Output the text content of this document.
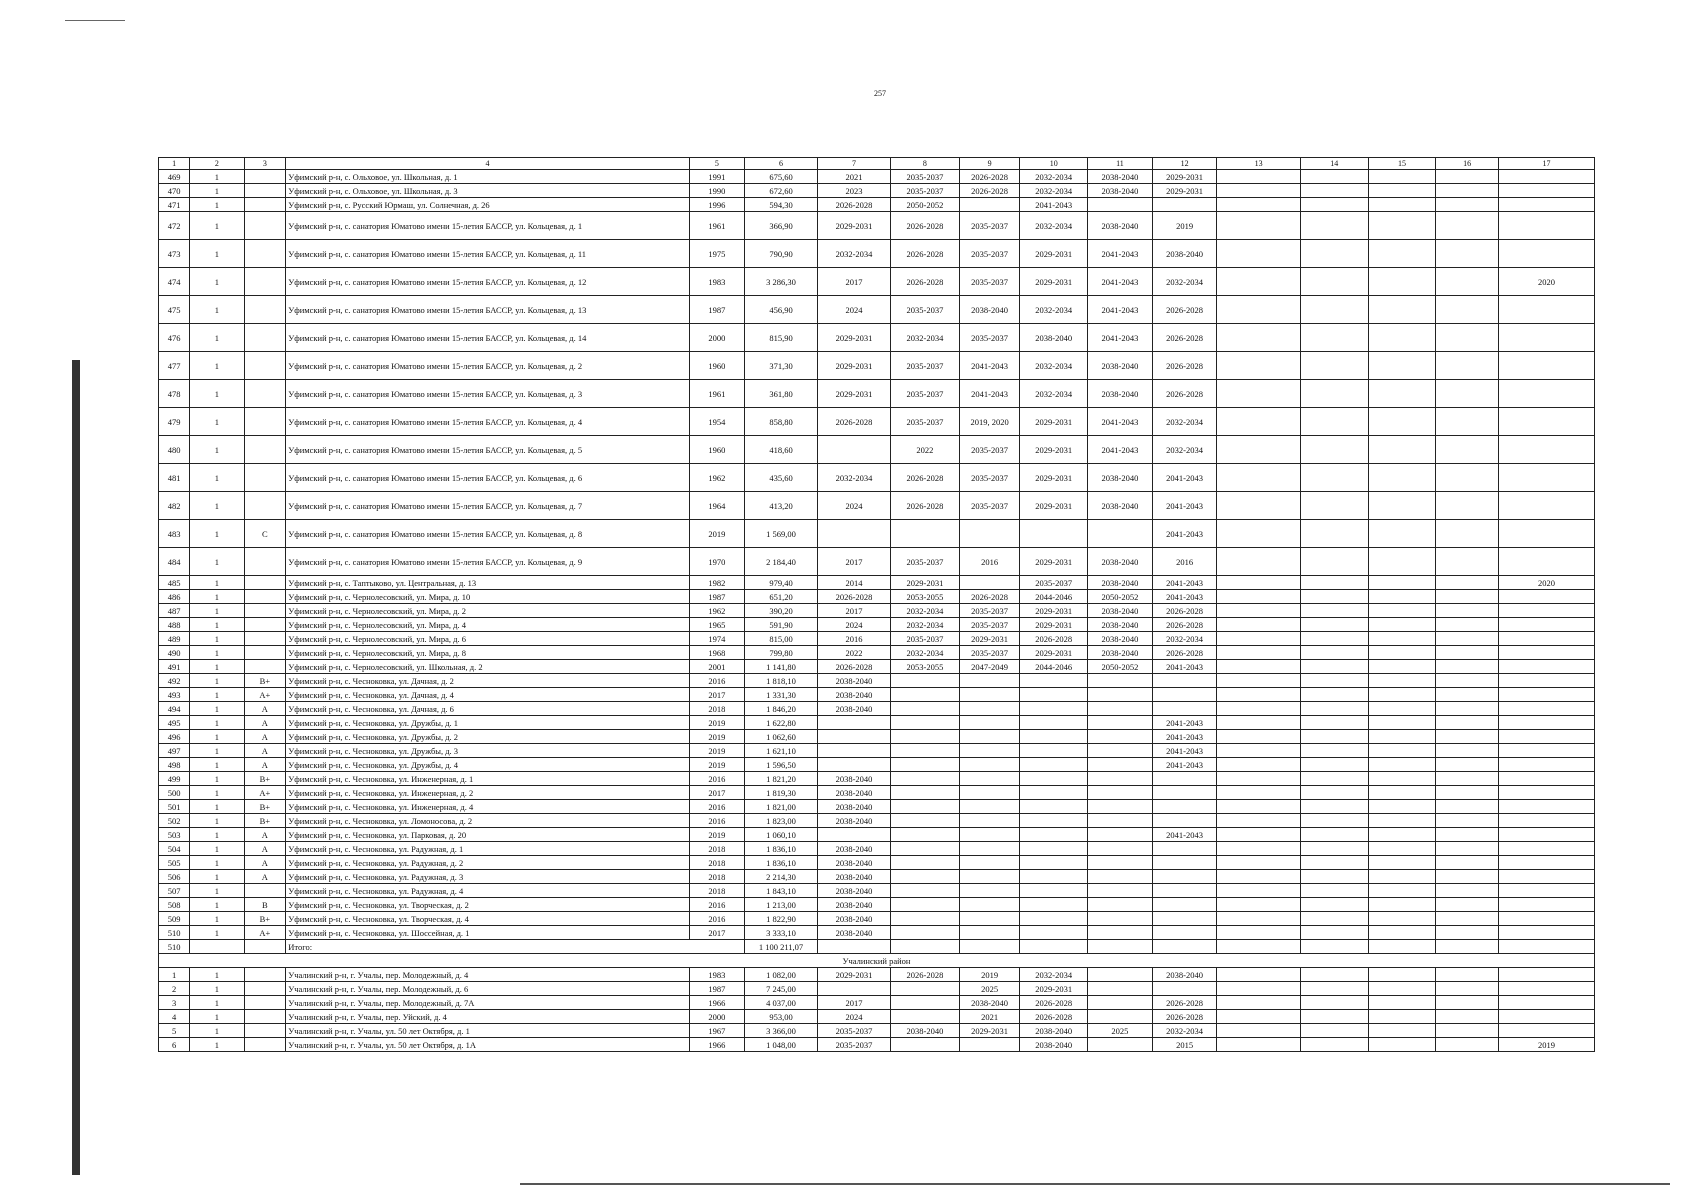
257
1	2	3	4	5	6	7	8	9	10	11	12	13	14	15	16	17
469	1		Уфимский р-н, с. Ольховое, ул. Школьная, д. 1	1991	675,60	2021	2035-2037	2026-2028	2032-2034	2038-2040	2029-2031					
470	1		Уфимский р-н, с. Ольховое, ул. Школьная, д. 3	1990	672,60	2023	2035-2037	2026-2028	2032-2034	2038-2040	2029-2031					
471	1		Уфимский р-н, с. Русский Юрмаш, ул. Солнечная, д. 26	1996	594,30	2026-2028	2050-2052		2041-2043							
472	1		Уфимский р-н, с. санатория Юматово имени 15-летия БАССР, ул. Кольцевая, д. 1	1961	366,90	2029-2031	2026-2028	2035-2037	2032-2034	2038-2040	2019					
473	1		Уфимский р-н, с. санатория Юматово имени 15-летия БАССР, ул. Кольцевая, д. 11	1975	790,90	2032-2034	2026-2028	2035-2037	2029-2031	2041-2043	2038-2040					
474	1		Уфимский р-н, с. санатория Юматово имени 15-летия БАССР, ул. Кольцевая, д. 12	1983	3 286,30	2017	2026-2028	2035-2037	2029-2031	2041-2043	2032-2034					2020
475	1		Уфимский р-н, с. санатория Юматово имени 15-летия БАССР, ул. Кольцевая, д. 13	1987	456,90	2024	2035-2037	2038-2040	2032-2034	2041-2043	2026-2028					
476	1		Уфимский р-н, с. санатория Юматово имени 15-летия БАССР, ул. Кольцевая, д. 14	2000	815,90	2029-2031	2032-2034	2035-2037	2038-2040	2041-2043	2026-2028					
477	1		Уфимский р-н, с. санатория Юматово имени 15-летия БАССР, ул. Кольцевая, д. 2	1960	371,30	2029-2031	2035-2037	2041-2043	2032-2034	2038-2040	2026-2028					
478	1		Уфимский р-н, с. санатория Юматово имени 15-летия БАССР, ул. Кольцевая, д. 3	1961	361,80	2029-2031	2035-2037	2041-2043	2032-2034	2038-2040	2026-2028					
479	1		Уфимский р-н, с. санатория Юматово имени 15-летия БАССР, ул. Кольцевая, д. 4	1954	858,80	2026-2028	2035-2037	2019, 2020	2029-2031	2041-2043	2032-2034					
480	1		Уфимский р-н, с. санатория Юматово имени 15-летия БАССР, ул. Кольцевая, д. 5	1960	418,60		2022	2035-2037	2029-2031	2041-2043	2032-2034					
481	1		Уфимский р-н, с. санатория Юматово имени 15-летия БАССР, ул. Кольцевая, д. 6	1962	435,60	2032-2034	2026-2028	2035-2037	2029-2031	2038-2040	2041-2043					
482	1		Уфимский р-н, с. санатория Юматово имени 15-летия БАССР, ул. Кольцевая, д. 7	1964	413,20	2024	2026-2028	2035-2037	2029-2031	2038-2040	2041-2043					
483	1	C	Уфимский р-н, с. санатория Юматово имени 15-летия БАССР, ул. Кольцевая, д. 8	2019	1 569,00						2041-2043					
484	1		Уфимский р-н, с. санатория Юматово имени 15-летия БАССР, ул. Кольцевая, д. 9	1970	2 184,40	2017	2035-2037	2016	2029-2031	2038-2040	2016					
485	1		Уфимский р-н, с. Таптыково, ул. Центральная, д. 13	1982	979,40	2014	2029-2031		2035-2037	2038-2040	2041-2043					2020
486	1		Уфимский р-н, с. Чернолесовский, ул. Мира, д. 10	1987	651,20	2026-2028	2053-2055	2026-2028	2044-2046	2050-2052	2041-2043					
487	1		Уфимский р-н, с. Чернолесовский, ул. Мира, д. 2	1962	390,20	2017	2032-2034	2035-2037	2029-2031	2038-2040	2026-2028					
488	1		Уфимский р-н, с. Чернолесовский, ул. Мира, д. 4	1965	591,90	2024	2032-2034	2035-2037	2029-2031	2038-2040	2026-2028					
489	1		Уфимский р-н, с. Чернолесовский, ул. Мира, д. 6	1974	815,00	2016	2035-2037	2029-2031	2026-2028	2038-2040	2032-2034					
490	1		Уфимский р-н, с. Чернолесовский, ул. Мира, д. 8	1968	799,80	2022	2032-2034	2035-2037	2029-2031	2038-2040	2026-2028					
491	1		Уфимский р-н, с. Чернолесовский, ул. Школьная, д. 2	2001	1 141,80	2026-2028	2053-2055	2047-2049	2044-2046	2050-2052	2041-2043					
492	1	B+	Уфимский р-н, с. Чесноковка, ул. Дачная, д. 2	2016	1 818,10	2038-2040										
493	1	A+	Уфимский р-н, с. Чесноковка, ул. Дачная, д. 4	2017	1 331,30	2038-2040										
494	1	A	Уфимский р-н, с. Чесноковка, ул. Дачная, д. 6	2018	1 846,20	2038-2040										
495	1	A	Уфимский р-н, с. Чесноковка, ул. Дружбы, д. 1	2019	1 622,80						2041-2043					
496	1	A	Уфимский р-н, с. Чесноковка, ул. Дружбы, д. 2	2019	1 062,60						2041-2043					
497	1	A	Уфимский р-н, с. Чесноковка, ул. Дружбы, д. 3	2019	1 621,10						2041-2043					
498	1	A	Уфимский р-н, с. Чесноковка, ул. Дружбы, д. 4	2019	1 596,50						2041-2043					
499	1	B+	Уфимский р-н, с. Чесноковка, ул. Инженерная, д. 1	2016	1 821,20	2038-2040										
500	1	A+	Уфимский р-н, с. Чесноковка, ул. Инженерная, д. 2	2017	1 819,30	2038-2040										
501	1	B+	Уфимский р-н, с. Чесноковка, ул. Инженерная, д. 4	2016	1 821,00	2038-2040										
502	1	B+	Уфимский р-н, с. Чесноковка, ул. Ломоносова, д. 2	2016	1 823,00	2038-2040										
503	1	A	Уфимский р-н, с. Чесноковка, ул. Парковая, д. 20	2019	1 060,10						2041-2043					
504	1	A	Уфимский р-н, с. Чесноковка, ул. Радужная, д. 1	2018	1 836,10	2038-2040										
505	1	A	Уфимский р-н, с. Чесноковка, ул. Радужная, д. 2	2018	1 836,10	2038-2040										
506	1	A	Уфимский р-н, с. Чесноковка, ул. Радужная, д. 3	2018	2 214,30	2038-2040										
507	1		Уфимский р-н, с. Чесноковка, ул. Радужная, д. 4	2018	1 843,10	2038-2040										
508	1	B	Уфимский р-н, с. Чесноковка, ул. Творческая, д. 2	2016	1 213,00	2038-2040										
509	1	B+	Уфимский р-н, с. Чесноковка, ул. Творческая, д. 4	2016	1 822,90	2038-2040										
510	1	A+	Уфимский р-н, с. Чесноковка, ул. Шоссейная, д. 1	2017	3 333,10	2038-2040										
510			Итого:		1 100 211,07											
Учалинский район																
1	1		Учалинский р-н, г. Учалы, пер. Молодежный, д. 4	1983	1 082,00	2029-2031	2026-2028	2019	2032-2034		2038-2040					
2	1		Учалинский р-н, г. Учалы, пер. Молодежный, д. 6	1987	7 245,00			2025	2029-2031							
3	1		Учалинский р-н, г. Учалы, пер. Молодежный, д. 7А	1966	4 037,00	2017		2038-2040	2026-2028		2026-2028					
4	1		Учалинский р-н, г. Учалы, пер. Уйский, д. 4	2000	953,00	2024		2021	2026-2028		2026-2028					
5	1		Учалинский р-н, г. Учалы, ул. 50 лет Октября, д. 1	1967	3 366,00	2035-2037	2038-2040	2029-2031	2038-2040	2025	2032-2034					
6	1		Учалинский р-н, г. Учалы, ул. 50 лет Октября, д. 1А	1966	1 048,00	2035-2037			2038-2040		2015					2019
